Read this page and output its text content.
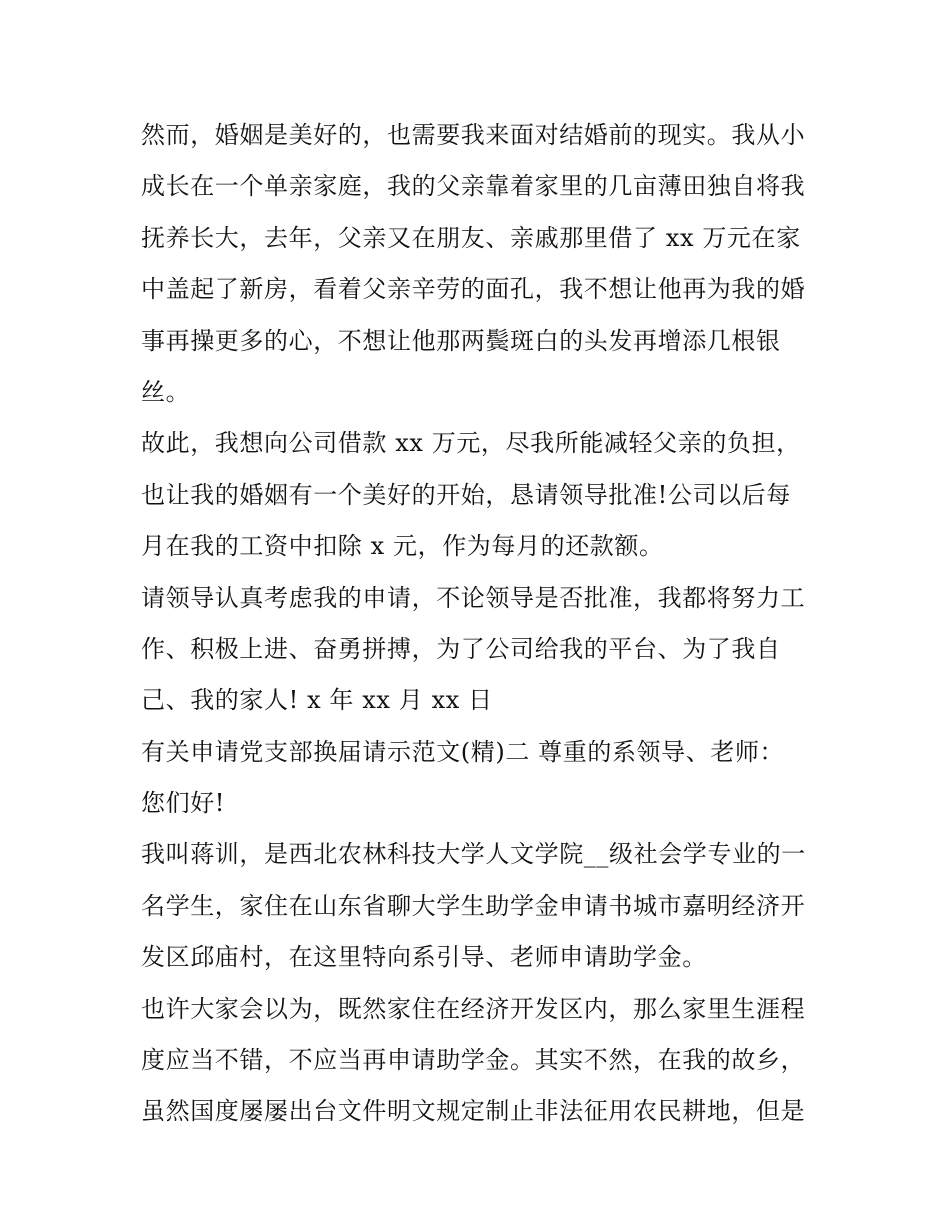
然而，婚姻是美好的，也需要我来面对结婚前的现实。我从小
成长在一个单亲家庭，我的父亲靠着家里的几亩薄田独自将我
抚养长大，去年，父亲又在朋友、亲戚那里借了 xx 万元在家
中盖起了新房，看着父亲辛劳的面孔，我不想让他再为我的婚
事再操更多的心，不想让他那两鬓斑白的头发再增添几根银
丝。
故此，我想向公司借款 xx 万元，尽我所能减轻父亲的负担，
也让我的婚姻有一个美好的开始，恳请领导批准!公司以后每
月在我的工资中扣除 x 元，作为每月的还款额。
请领导认真考虑我的申请，不论领导是否批准，我都将努力工
作、积极上进、奋勇拼搏，为了公司给我的平台、为了我自
己、我的家人! x 年 xx 月 xx 日
有关申请党支部换届请示范文(精)二 尊重的系领导、老师：
您们好!
我叫蒋训，是西北农林科技大学人文学院__级社会学专业的一
名学生，家住在山东省聊大学生助学金申请书城市嘉明经济开
发区邱庙村，在这里特向系引导、老师申请助学金。
也许大家会以为，既然家住在经济开发区内，那么家里生涯程
度应当不错，不应当再申请助学金。其实不然，在我的故乡，
虽然国度屡屡出台文件明文规定制止非法征用农民耕地，但是
